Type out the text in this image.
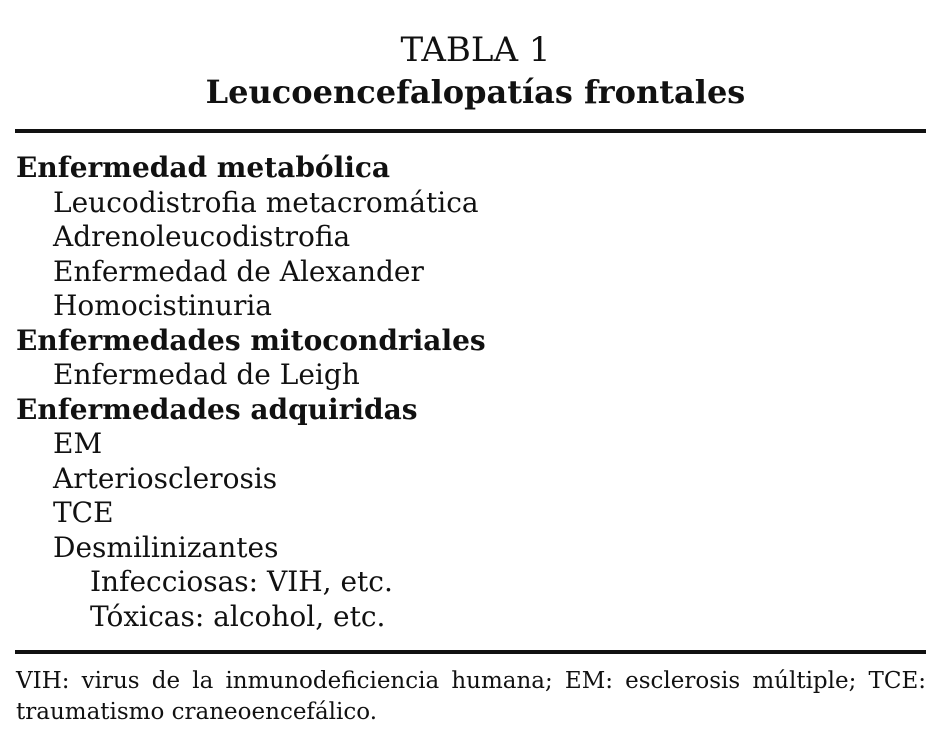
TABLA 1
Leucoencefalopatías frontales
Enfermedad metabólica
Leucodistrofia metacromática
Adrenoleucodistrofia
Enfermedad de Alexander
Homocistinuria
Enfermedades mitocondriales
Enfermedad de Leigh
Enfermedades adquiridas
EM
Arteriosclerosis
TCE
Desmilinizantes
Infecciosas: VIH, etc.
Tóxicas: alcohol, etc.
VIH: virus de la inmunodeficiencia humana; EM: esclerosis múltiple; TCE: traumatismo craneoencefálico.
